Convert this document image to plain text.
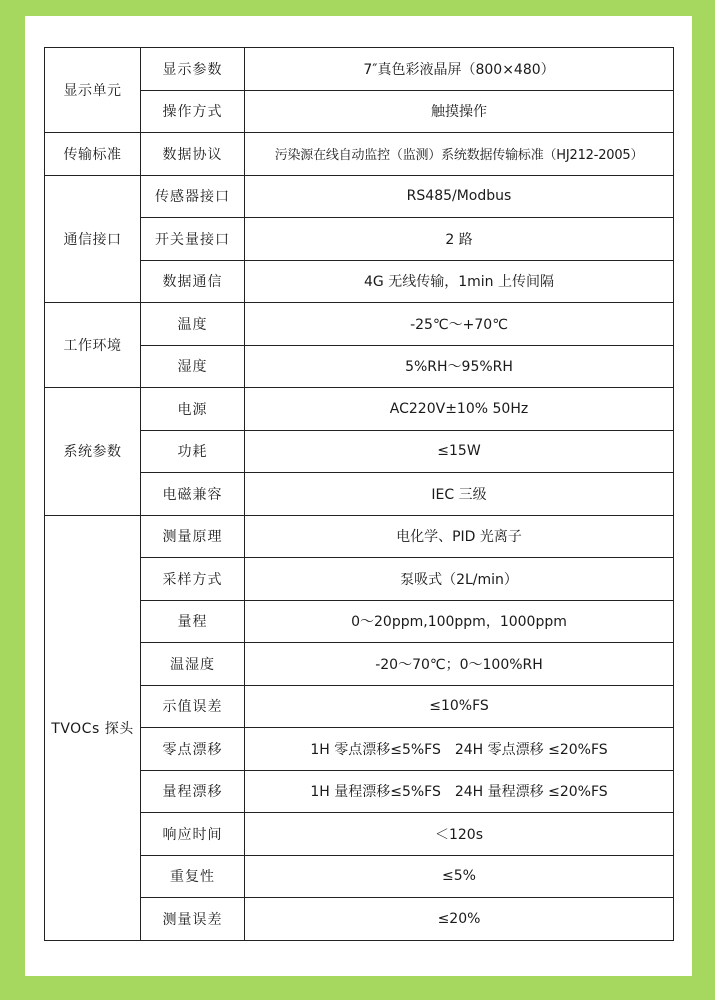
显示单元	显示参数	7″真色彩液晶屏（800×480）
	操作方式	触摸操作
传输标准	数据协议	污染源在线自动监控（监测）系统数据传输标准（HJ212-2005）
通信接口	传感器接口	RS485/Modbus
	开关量接口	2 路
	数据通信	4G 无线传输，1min 上传间隔
工作环境	温度	-25℃～+70℃
	湿度	5%RH～95%RH
系统参数	电源	AC220V±10% 50Hz
	功耗	≤15W
	电磁兼容	IEC 三级
TVOCs 探头	测量原理	电化学、PID 光离子
	采样方式	泵吸式（2L/min）
	量程	0～20ppm,100ppm，1000ppm
	温湿度	-20～70℃；0～100%RH
	示值误差	≤10%FS
	零点漂移	1H 零点漂移≤5%FS　24H 零点漂移 ≤20%FS
	量程漂移	1H 量程漂移≤5%FS　24H 量程漂移 ≤20%FS
	响应时间	＜120s
	重复性	≤5%
	测量误差	≤20%
